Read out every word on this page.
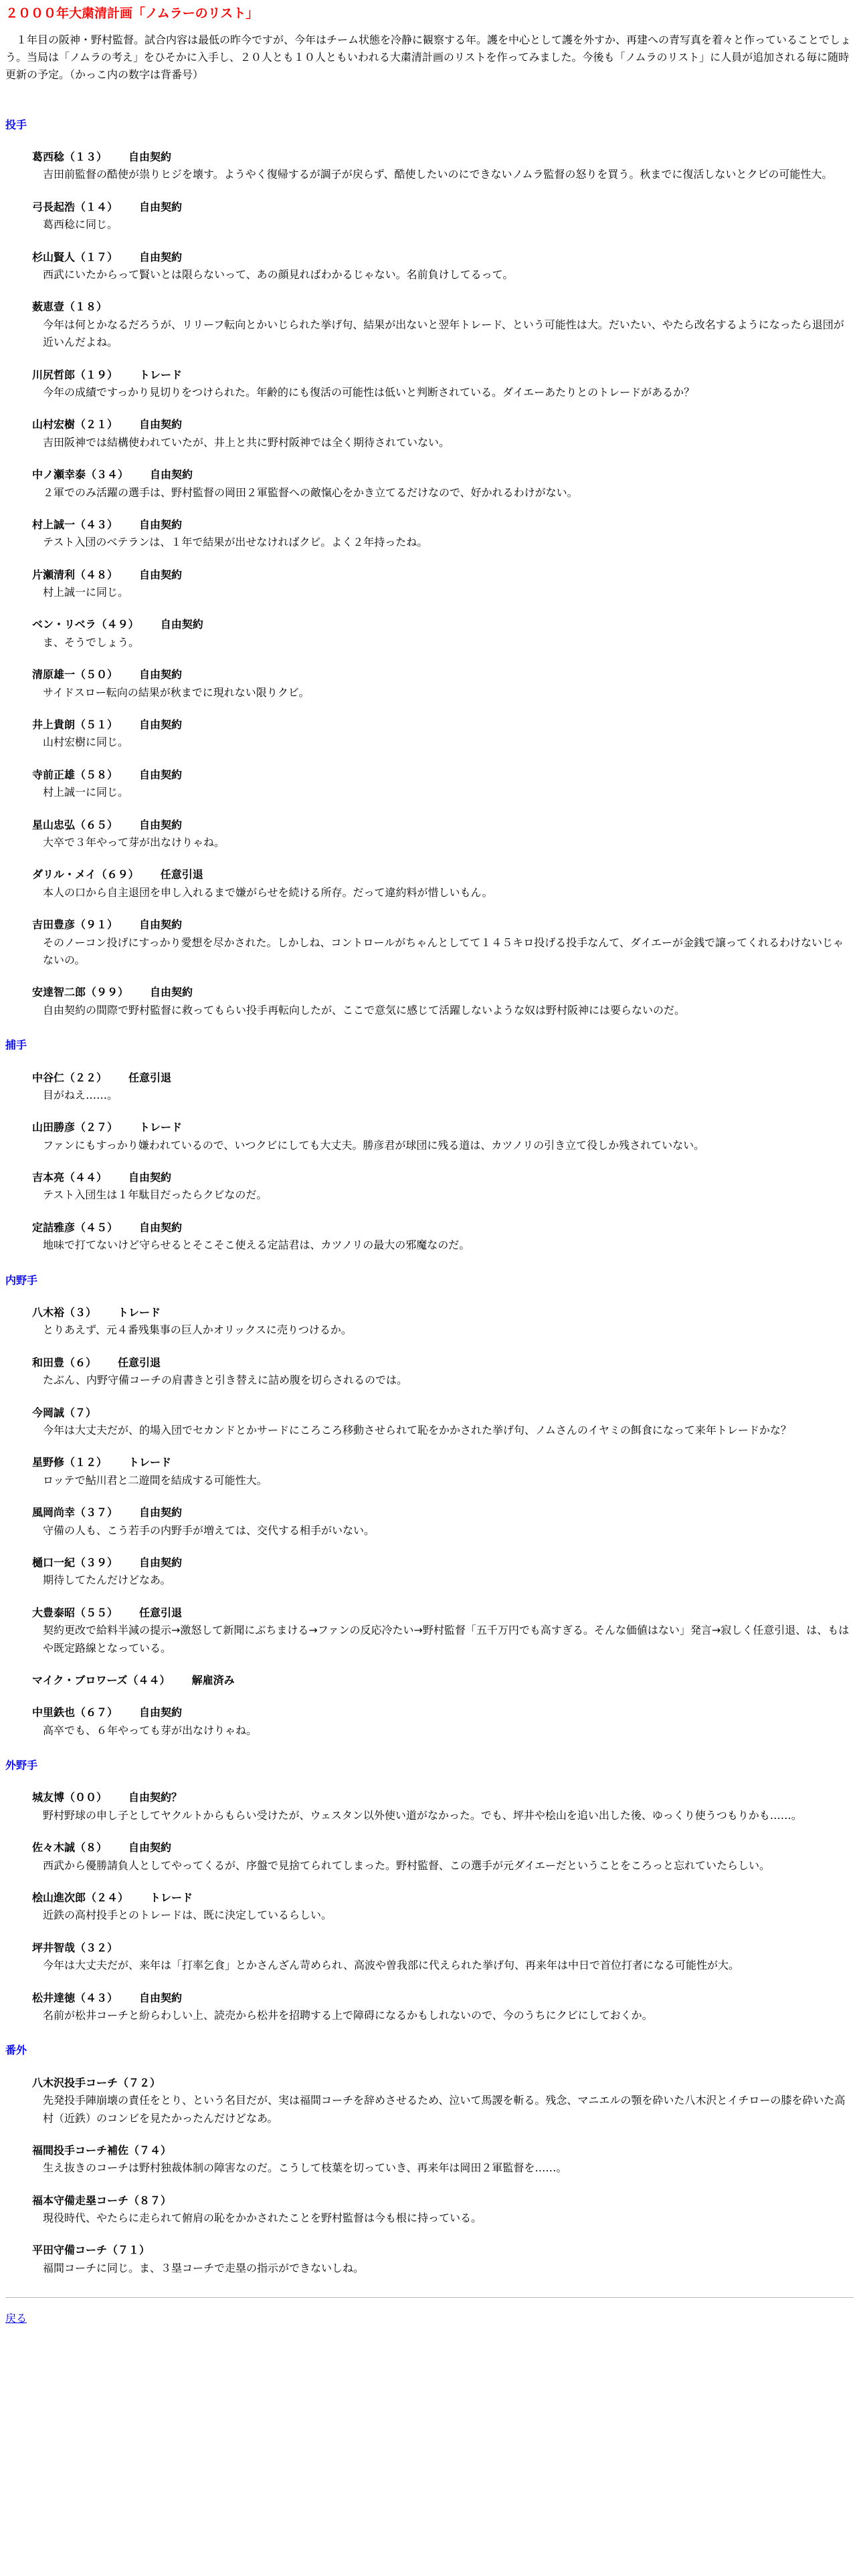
２０００年大粛清計画「ノムラーのリスト」

１年目の阪神・野村監督。試合内容は最低の昨今ですが、今年はチーム状態を冷静に観察する年。護を中心として護を外すか、再建への青写真を着々と作っていることでしょう。当局は「ノムラの考え」をひそかに入手し、２０人とも１０人ともいわれる大粛清計画のリストを作ってみました。今後も「ノムラのリスト」に人員が追加される毎に随時更新の予定。（かっこ内の数字は背番号）

投手
葛西稔（１３） 自由契約
吉田前監督の酷使が祟りヒジを壊す。ようやく復帰するが調子が戻らず、酷使したいのにできないノムラ監督の怒りを買う。秋までに復活しないとクビの可能性大。
弓長起浩（１４） 自由契約
葛西稔に同じ。
杉山賢人（１７） 自由契約
西武にいたからって賢いとは限らないって、あの顔見ればわかるじゃない。名前負けしてるって。
薮恵壹（１８）
今年は何とかなるだろうが、リリーフ転向とかいじられた挙げ句、結果が出ないと翌年トレード、という可能性は大。だいたい、やたら改名するようになったら退団が近いんだよね。
川尻哲郎（１９） トレード
今年の成績ですっかり見切りをつけられた。年齢的にも復活の可能性は低いと判断されている。ダイエーあたりとのトレードがあるか？
山村宏樹（２１） 自由契約
吉田阪神では結構使われていたが、井上と共に野村阪神では全く期待されていない。
中ノ瀬幸泰（３４） 自由契約
２軍でのみ活躍の選手は、野村監督の岡田２軍監督への敵愾心をかき立てるだけなので、好かれるわけがない。
村上誠一（４３） 自由契約
テスト入団のベテランは、１年で結果が出せなければクビ。よく２年持ったね。
片瀬清利（４８） 自由契約
村上誠一に同じ。
ベン・リベラ（４９） 自由契約
ま、そうでしょう。
清原雄一（５０） 自由契約
サイドスロー転向の結果が秋までに現れない限りクビ。
井上貴朗（５１） 自由契約
山村宏樹に同じ。
寺前正雄（５８） 自由契約
村上誠一に同じ。
星山忠弘（６５） 自由契約
大卒で３年やって芽が出なけりゃね。
ダリル・メイ（６９） 任意引退
本人の口から自主退団を申し入れるまで嫌がらせを続ける所存。だって違約料が惜しいもん。
吉田豊彦（９１） 自由契約
そのノーコン投げにすっかり愛想を尽かされた。しかしね、コントロールがちゃんとしてて１４５キロ投げる投手なんて、ダイエーが金銭で譲ってくれるわけないじゃないの。
安達智二郎（９９） 自由契約
自由契約の間際で野村監督に救ってもらい投手再転向したが、ここで意気に感じて活躍しないような奴は野村阪神には要らないのだ。
捕手
中谷仁（２２） 任意引退
目がねえ……。
山田勝彦（２７） トレード
ファンにもすっかり嫌われているので、いつクビにしても大丈夫。勝彦君が球団に残る道は、カツノリの引き立て役しか残されていない。
吉本亮（４４） 自由契約
テスト入団生は１年駄目だったらクビなのだ。
定詰雅彦（４５） 自由契約
地味で打てないけど守らせるとそこそこ使える定詰君は、カツノリの最大の邪魔なのだ。
内野手
八木裕（３） トレード
とりあえず、元４番残集事の巨人かオリックスに売りつけるか。
和田豊（６） 任意引退
たぶん、内野守備コーチの肩書きと引き替えに詰め腹を切らされるのでは。
今岡誠（７）
今年は大丈夫だが、的場入団でセカンドとかサードにころころ移動させられて恥をかかされた挙げ句、ノムさんのイヤミの餌食になって来年トレードかな？
星野修（１２） トレード
ロッテで鮎川君と二遊間を結成する可能性大。
風岡尚幸（３７） 自由契約
守備の人も、こう若手の内野手が増えては、交代する相手がいない。
樋口一紀（３９） 自由契約
期待してたんだけどなあ。
大豊泰昭（５５） 任意引退
契約更改で給料半減の提示→激怒して新聞にぶちまける→ファンの反応冷たい→野村監督「五千万円でも高すぎる。そんな価値はない」発言→寂しく任意引退、は、もはや既定路線となっている。
マイク・ブロワーズ（４４） 解雇済み
中里鉄也（６７） 自由契約
高卒でも、６年やっても芽が出なけりゃね。
外野手
城友博（００） 自由契約？
野村野球の申し子としてヤクルトからもらい受けたが、ウェスタン以外使い道がなかった。でも、坪井や桧山を追い出した後、ゆっくり使うつもりかも……。
佐々木誠（８） 自由契約
西武から優勝請負人としてやってくるが、序盤で見捨てられてしまった。野村監督、この選手が元ダイエーだということをころっと忘れていたらしい。
桧山進次郎（２４） トレード
近鉄の高村投手とのトレードは、既に決定しているらしい。
坪井智哉（３２）
今年は大丈夫だが、来年は「打率乞食」とかさんざん苛められ、高波や曽我部に代えられた挙げ句、再来年は中日で首位打者になる可能性が大。
松井達徳（４３） 自由契約
名前が松井コーチと紛らわしい上、読売から松井を招聘する上で障碍になるかもしれないので、今のうちにクビにしておくか。
番外
八木沢投手コーチ（７２）
先発投手陣崩壊の責任をとり、という名目だが、実は福間コーチを辞めさせるため、泣いて馬謖を斬る。残念、マニエルの顎を砕いた八木沢とイチローの膝を砕いた高村（近鉄）のコンビを見たかったんだけどなあ。
福間投手コーチ補佐（７４）
生え抜きのコーチは野村独裁体制の障害なのだ。こうして枝葉を切っていき、再来年は岡田２軍監督を……。
福本守備走塁コーチ（８７）
現役時代、やたらに走られて俯肩の恥をかかされたことを野村監督は今も根に持っている。
平田守備コーチ（７１）
福間コーチに同じ。ま、３塁コーチで走塁の指示ができないしね。
戻る
